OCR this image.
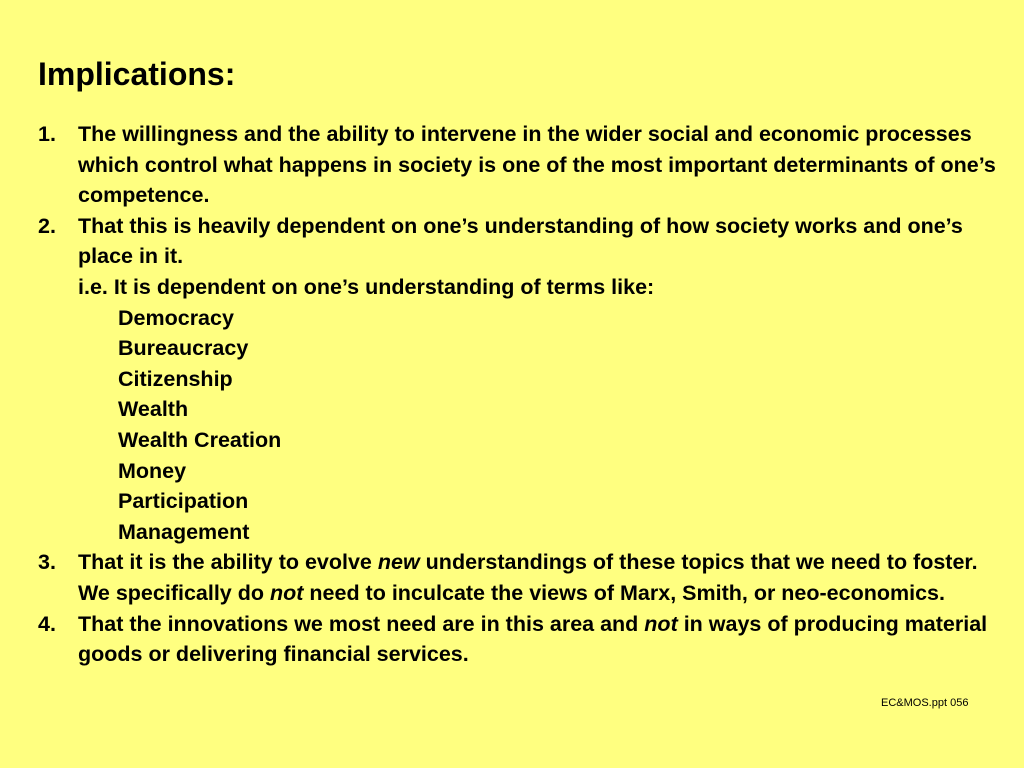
Implications:
1.	The willingness and the ability to intervene in the wider social and economic processes which control what happens in society is one of the most important determinants of one’s competence.
2.	That this is heavily dependent on one’s understanding of how society works and one’s place in it.
i.e. It is dependent on one’s understanding of terms like:
Democracy
Bureaucracy
Citizenship
Wealth
Wealth Creation
Money
Participation
Management
3.	That it is the ability to evolve new understandings of these topics that we need to foster. We specifically do not need to inculcate the views of Marx, Smith, or neo-economics.
4.	That the innovations we most need are in this area and not in ways of producing material goods or delivering financial services.
EC&MOS.ppt 056
